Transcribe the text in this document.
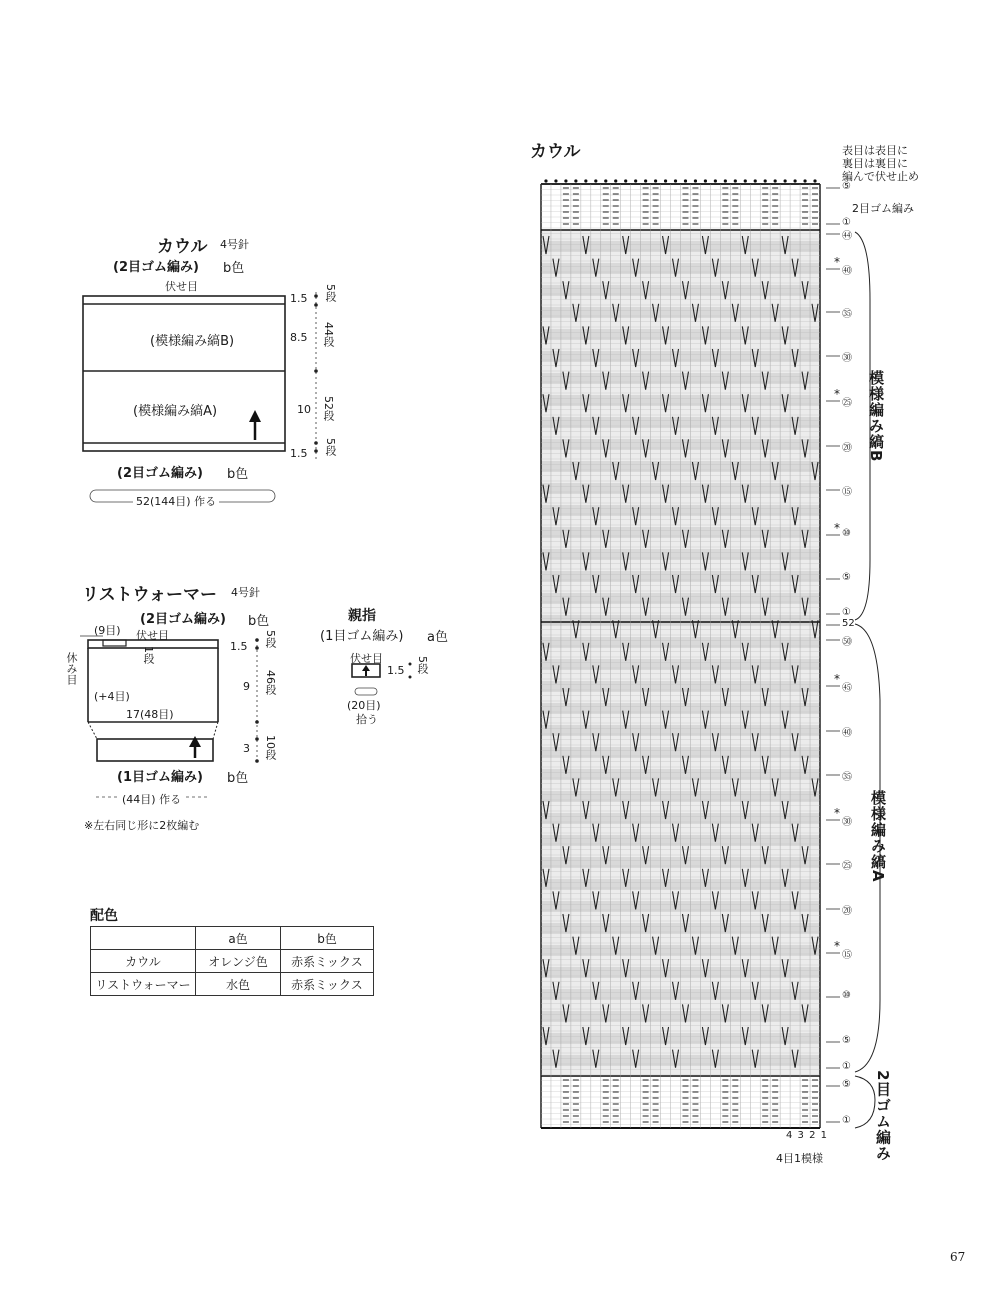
カウル 4号針
(2目ゴム編み) b色
伏せ目
(模様編み縞B)
(模様編み縞A)
(2目ゴム編み) b色
52(144目) 作る
1.5 5段
8.5 44段
10 52段
1.5 5段
リストウォーマー 4号針
(2目ゴム編み) b色
(9目) 伏せ目
1段
休み目
(+4目)
17(48目)
(1目ゴム編み) b色
(44目) 作る
※左右同じ形に2枚編む
1.5 5段
9 46段
3 10段
親指
(1目ゴム編み) a色
伏せ目
1.5 5段
(20目)
拾う
配色
	a色	b色
カウル	オレンジ色	赤系ミックス
リストウォーマー	水色	赤系ミックス
カウル	表目は表目に
裏目は裏目に
編んで伏せ止め
2目ゴム編み
⑤
①
㊹
㊵
*
㉟
㉚
㉕
*
⑳
⑮
⑩
*
⑤
①
52
㊿
㊺
*
㊵
㉟
㉚
*
㉕
⑳
⑮
*
⑩
⑤
①
⑤
①
模様編み縞B
模様編み縞A
2目ゴム編み
4 3 2 1
4目1模様
67
